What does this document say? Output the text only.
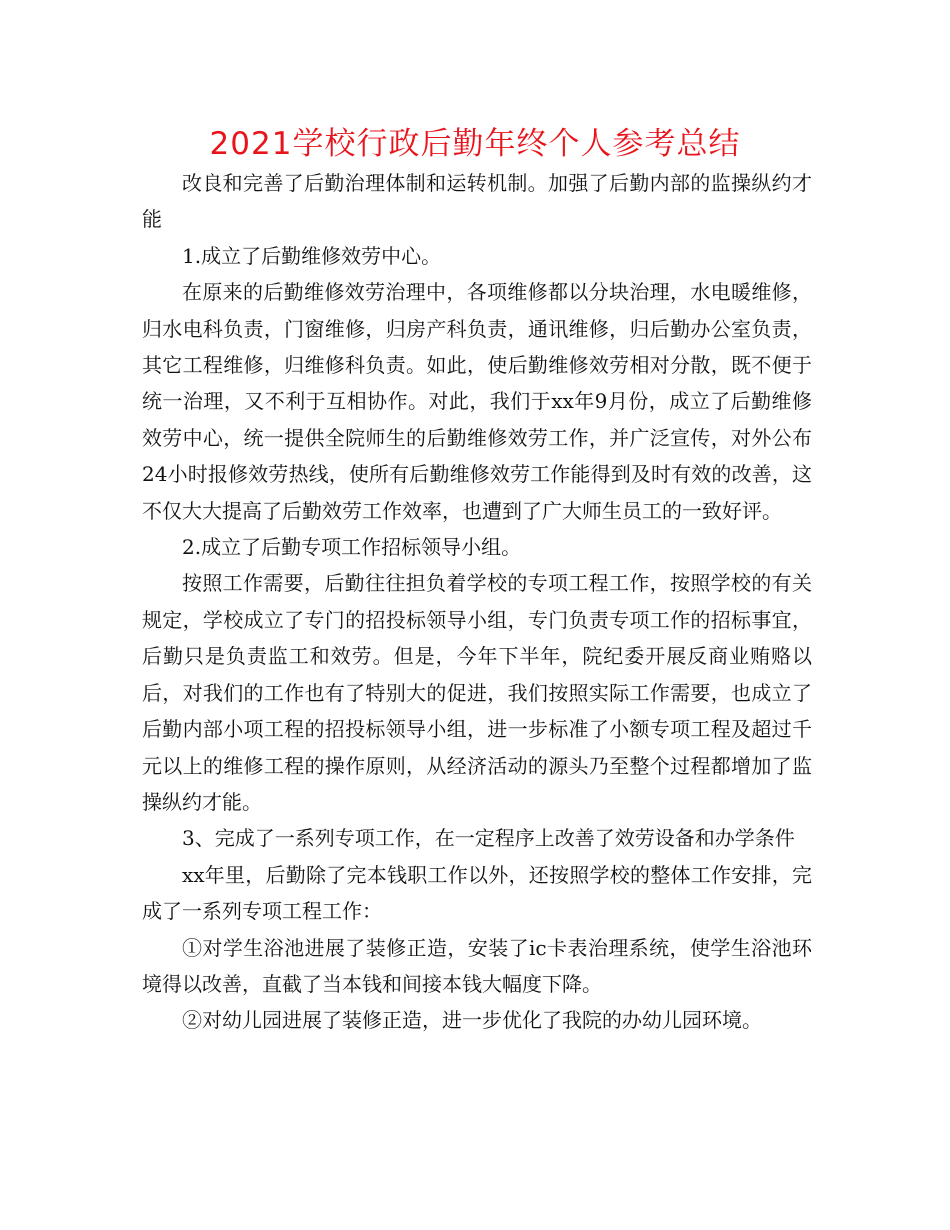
2021学校行政后勤年终个人参考总结

改良和完善了后勤治理体制和运转机制。加强了后勤内部的监操纵约才能

1.成立了后勤维修效劳中心。

在原来的后勤维修效劳治理中，各项维修都以分块治理，水电暖维修，归水电科负责，门窗维修，归房产科负责，通讯维修，归后勤办公室负责，其它工程维修，归维修科负责。如此，使后勤维修效劳相对分散，既不便于统一治理，又不利于互相协作。对此，我们于xx年9月份，成立了后勤维修效劳中心，统一提供全院师生的后勤维修效劳工作，并广泛宣传，对外公布24小时报修效劳热线，使所有后勤维修效劳工作能得到及时有效的改善，这不仅大大提高了后勤效劳工作效率，也遭到了广大师生员工的一致好评。

2.成立了后勤专项工作招标领导小组。

按照工作需要，后勤往往担负着学校的专项工程工作，按照学校的有关规定，学校成立了专门的招投标领导小组，专门负责专项工作的招标事宜，后勤只是负责监工和效劳。但是，今年下半年，院纪委开展反商业贿赂以后，对我们的工作也有了特别大的促进，我们按照实际工作需要，也成立了后勤内部小项工程的招投标领导小组，进一步标准了小额专项工程及超过千元以上的维修工程的操作原则，从经济活动的源头乃至整个过程都增加了监操纵约才能。

3、完成了一系列专项工作，在一定程序上改善了效劳设备和办学条件

xx年里，后勤除了完本钱职工作以外，还按照学校的整体工作安排，完成了一系列专项工程工作：

①对学生浴池进展了装修正造，安装了ic卡表治理系统，使学生浴池环境得以改善，直截了当本钱和间接本钱大幅度下降。

②对幼儿园进展了装修正造，进一步优化了我院的办幼儿园环境。
